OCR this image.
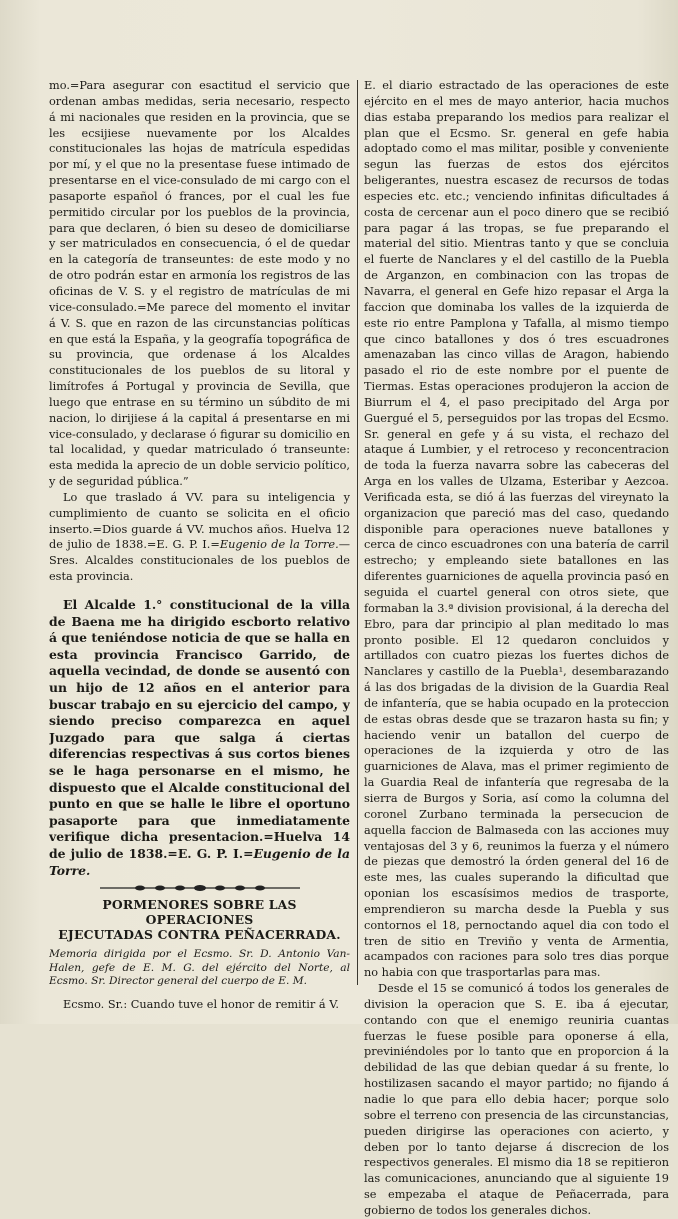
mo.=Para asegurar con esactitud el servicio que ordenan ambas medidas, seria necesario, respecto á mi nacionales que residen en la provincia, que se les ecsijiese nuevamente por los Alcaldes constitucionales las hojas de matrícula espedidas por mí, y el que no la presentase fuese intimado de presentarse en el vice-consulado de mi cargo con el pasaporte español ó frances, por el cual les fue permitido circular por los pueblos de la provincia, para que declaren, ó bien su deseo de domiciliarse y ser matriculados en consecuencia, ó el de quedar en la categoría de transeuntes: de este modo y no de otro podrán estar en armonía los registros de las oficinas de V. S. y el registro de matrículas de mi vice-consulado.=Me parece del momento el invitar á V. S. que en razon de las circunstancias políticas en que está la España, y la geografía topográfica de su provincia, que ordenase á los Alcaldes constitucionales de los pueblos de su litoral y limítrofes á Portugal y provincia de Sevilla, que luego que entrase en su término un súbdito de mi nacion, lo dirijiese á la capital á presentarse en mi vice-consulado, y declarase ó figurar su domicilio en tal localidad, y quedar matriculado ó transeunte: esta medida la aprecio de un doble servicio político, y de seguridad pública.”

Lo que traslado á VV. para su inteligencia y cumplimiento de cuanto se solicita en el oficio inserto.=Dios guarde á VV. muchos años. Huelva 12 de julio de 1838.=E. G. P. I.=Eugenio de la Torre.—Sres. Alcaldes constitucionales de los pueblos de esta provincia.

El Alcalde 1.° constitucional de la villa de Baena me ha dirigido escborto relativo á que teniéndose noticia de que se halla en esta provincia Francisco Garrido, de aquella vecindad, de donde se ausentó con un hijo de 12 años en el anterior para buscar trabajo en su ejercicio del campo, y siendo preciso comparezca en aquel Juzgado para que salga á ciertas diferencias respectivas á sus cortos bienes se le haga personarse en el mismo, he dispuesto que el Alcalde constitucional del punto en que se halle le libre el oportuno pasaporte para que inmediatamente verifique dicha presentacion.=Huelva 14 de julio de 1838.=E. G. P. I.=Eugenio de la Torre.

PORMENORES SOBRE LAS OPERACIONES
EJECUTADAS CONTRA PEÑACERRADA.

Memoria dirigida por el Ecsmo. Sr. D. Antonio Van-Halen, gefe de E. M. G. del ejército del Norte, al Ecsmo. Sr. Director general del cuerpo de E. M.

Ecsmo. Sr.: Cuando tuve el honor de remitir á V.

E. el diario estractado de las operaciones de este ejército en el mes de mayo anterior, hacia muchos dias estaba preparando los medios para realizar el plan que el Ecsmo. Sr. general en gefe habia adoptado como el mas militar, posible y conveniente segun las fuerzas de estos dos ejércitos beligerantes, nuestra escasez de recursos de todas especies etc. etc.; venciendo infinitas dificultades á costa de cercenar aun el poco dinero que se recibió para pagar á las tropas, se fue preparando el material del sitio. Mientras tanto y que se concluia el fuerte de Nanclares y el del castillo de la Puebla de Arganzon, en combinacion con las tropas de Navarra, el general en Gefe hizo repasar el Arga la faccion que dominaba los valles de la izquierda de este rio entre Pamplona y Tafalla, al mismo tiempo que cinco batallones y dos ó tres escuadrones amenazaban las cinco villas de Aragon, habiendo pasado el rio de este nombre por el puente de Tiermas. Estas operaciones produjeron la accion de Biurrum el 4, el paso precipitado del Arga por Guergué el 5, perseguidos por las tropas del Ecsmo. Sr. general en gefe y á su vista, el rechazo del ataque á Lumbier, y el retroceso y reconcentracion de toda la fuerza navarra sobre las cabeceras del Arga en los valles de Ulzama, Esteribar y Aezcoa. Verificada esta, se dió á las fuerzas del vireynato la organizacion que pareció mas del caso, quedando disponible para operaciones nueve batallones y cerca de cinco escuadrones con una batería de carril estrecho; y empleando siete batallones en las diferentes guarniciones de aquella provincia pasó en seguida el cuartel general con otros siete, que formaban la 3.ª division provisional, á la derecha del Ebro, para dar principio al plan meditado lo mas pronto posible. El 12 quedaron concluidos y artillados con cuatro piezas los fuertes dichos de Nanclares y castillo de la Puebla¹, desembarazando á las dos brigadas de la division de la Guardia Real de infantería, que se habia ocupado en la proteccion de estas obras desde que se trazaron hasta su fin; y haciendo venir un batallon del cuerpo de operaciones de la izquierda y otro de las guarniciones de Alava, mas el primer regimiento de la Guardia Real de infantería que regresaba de la sierra de Burgos y Soria, así como la columna del coronel Zurbano terminada la persecucion de aquella faccion de Balmaseda con las acciones muy ventajosas del 3 y 6, reunimos la fuerza y el número de piezas que demostró la órden general del 16 de este mes, las cuales superando la dificultad que oponian los escasísimos medios de trasporte, emprendieron su marcha desde la Puebla y sus contornos el 18, pernoctando aquel dia con todo el tren de sitio en Treviño y venta de Armentia, acampados con raciones para solo tres dias porque no habia con que trasportarlas para mas.

Desde el 15 se comunicó á todos los generales de division la operacion que S. E. iba á ejecutar, contando con que el enemigo reuniria cuantas fuerzas le fuese posible para oponerse á ella, previniéndoles por lo tanto que en proporcion á la debilidad de las que debian quedar á su frente, lo hostilizasen sacando el mayor partido; no fijando á nadie lo que para ello debia hacer; porque solo sobre el terreno con presencia de las circunstancias, pueden dirigirse las operaciones con acierto, y deben por lo tanto dejarse á discrecion de los respectivos generales. El mismo dia 18 se repitieron las comunicaciones, anunciando que al siguiente 19 se empezaba el ataque de Peñacerrada, para gobierno de todos los generales dichos.
